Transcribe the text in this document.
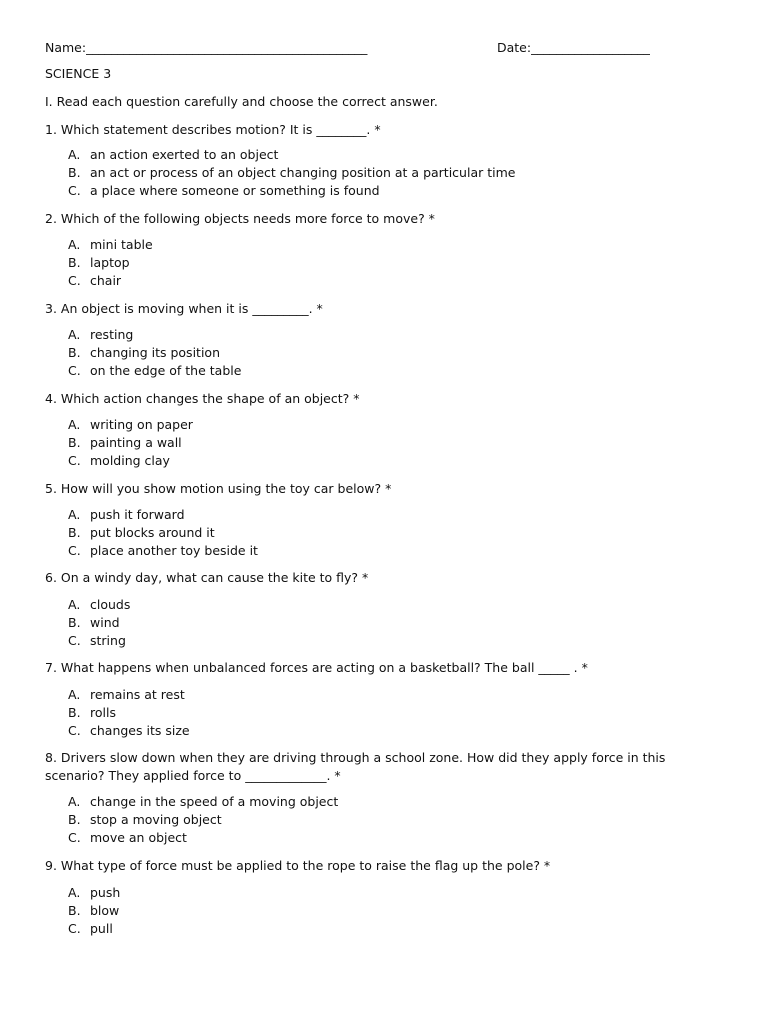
Name:_____________________________________________	Date:___________________
SCIENCE 3
I. Read each question carefully and choose the correct answer.
1. Which statement describes motion? It is ________. *
A. an action exerted to an object
B. an act or process of an object changing position at a particular time
C. a place where someone or something is found
2. Which of the following objects needs more force to move? *
A. mini table
B. laptop
C. chair
3. An object is moving when it is _________. *
A. resting
B. changing its position
C. on the edge of the table
4. Which action changes the shape of an object? *
A. writing on paper
B. painting a wall
C. molding clay
5. How will you show motion using the toy car below? *
A. push it forward
B. put blocks around it
C. place another toy beside it
6. On a windy day, what can cause the kite to fly? *
A. clouds
B. wind
C. string
7. What happens when unbalanced forces are acting on a basketball? The ball _____ . *
A. remains at rest
B. rolls
C. changes its size
8. Drivers slow down when they are driving through a school zone. How did they apply force in this scenario? They applied force to _____________. *
A. change in the speed of a moving object
B. stop a moving object
C. move an object
9. What type of force must be applied to the rope to raise the flag up the pole? *
A. push
B. blow
C. pull
